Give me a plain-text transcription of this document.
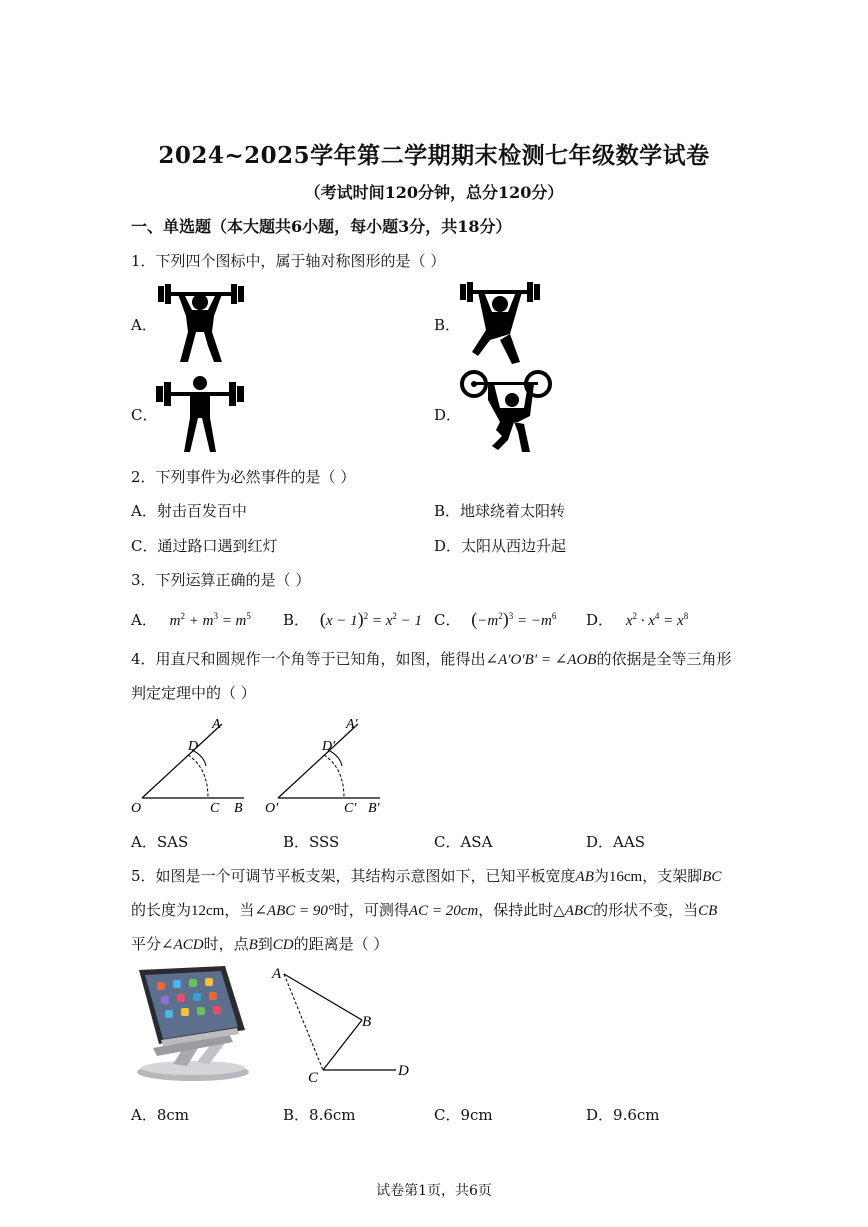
2024~2025学年第二学期期末检测七年级数学试卷
（考试时间120分钟，总分120分）
一、单选题（本大题共6小题，每小题3分，共18分）
1．下列四个图标中，属于轴对称图形的是（ ）
A．	B．
C．	D．
2．下列事件为必然事件的是（ ）
A．射击百发百中	B．地球绕着太阳转
C．通过路口遇到红灯	D．太阳从西边升起
3．下列运算正确的是（ ）
A． $m^2 + m^3 = m^5$ B． $(x - 1)^2 = x^2 - 1$ C． $(-m^2)^3 = -m^6$ D． $x^2 \cdot x^4 = x^8$
4．用直尺和圆规作一个角等于已知角，如图，能得出∠A′O′B′ = ∠AOB的依据是全等三角形
判定定理中的（ ）
A
D
O	C B
A′
D′
O′	C′ B′
A．SAS	B．SSS	C．ASA	D．AAS
5．如图是一个可调节平板支架，其结构示意图如下，已知平板宽度AB为16cm，支架脚BC
的长度为12cm，当∠ABC = 90°时，可测得AC = 20cm，保持此时△ABC的形状不变，当CB
平分∠ACD时，点B到CD的距离是（ ）
A
B
C	D
A．8cm	B．8.6cm	C．9cm	D．9.6cm
试卷第1页，共6页
